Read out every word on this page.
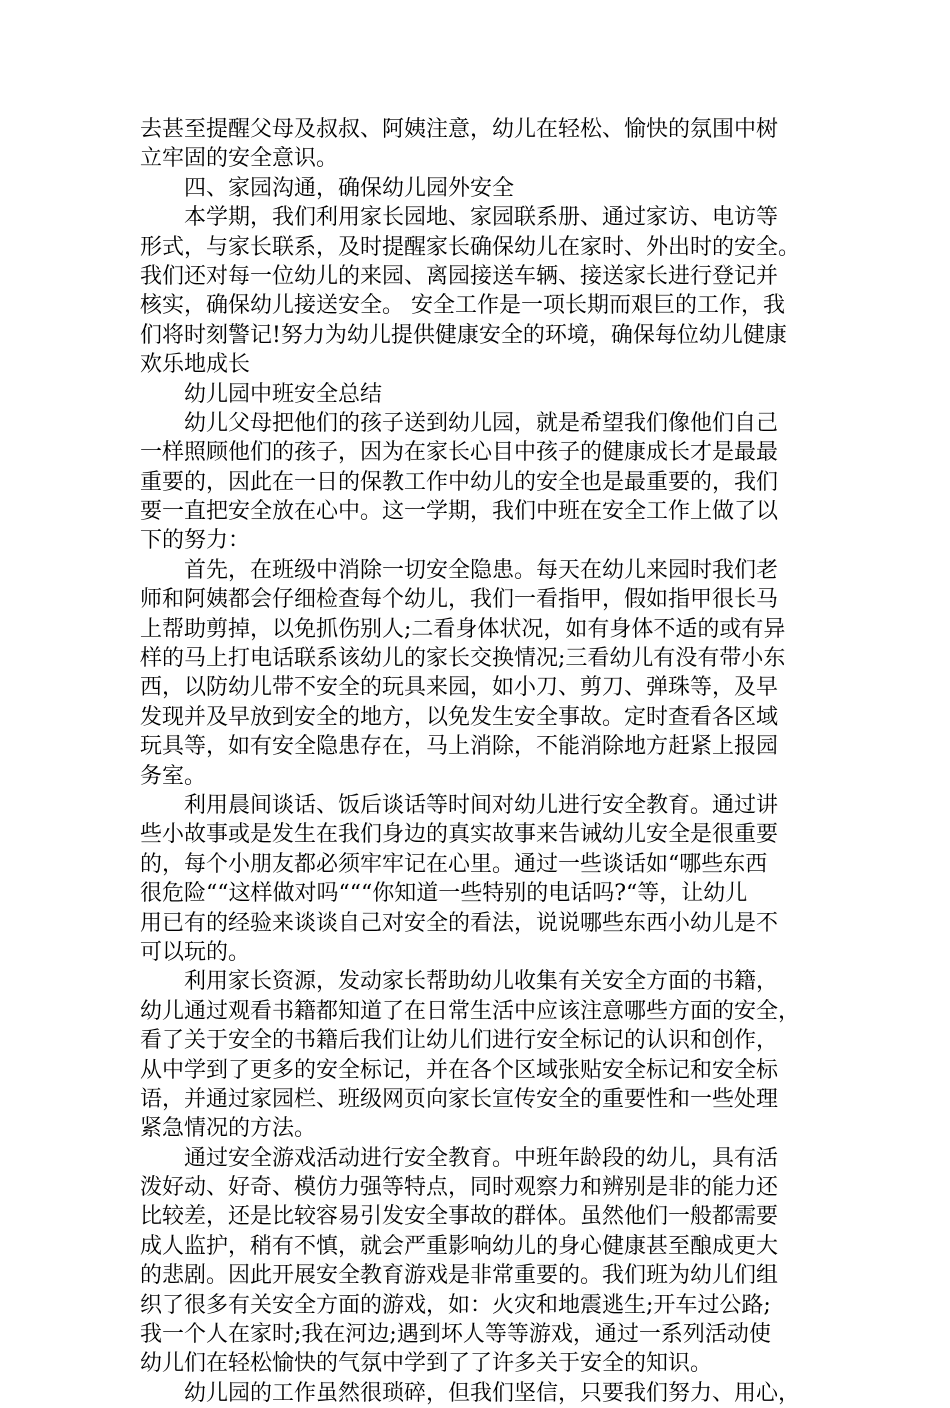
去甚至提醒父母及叔叔、阿姨注意，幼儿在轻松、愉快的氛围中树
立牢固的安全意识。
四、家园沟通，确保幼儿园外安全
本学期，我们利用家长园地、家园联系册、通过家访、电访等
形式，与家长联系，及时提醒家长确保幼儿在家时、外出时的安全。
我们还对每一位幼儿的来园、离园接送车辆、接送家长进行登记并
核实，确保幼儿接送安全。 安全工作是一项长期而艰巨的工作，我
们将时刻警记!努力为幼儿提供健康安全的环境，确保每位幼儿健康
欢乐地成长
幼儿园中班安全总结
幼儿父母把他们的孩子送到幼儿园，就是希望我们像他们自己
一样照顾他们的孩子，因为在家长心目中孩子的健康成长才是最最
重要的，因此在一日的保教工作中幼儿的安全也是最重要的，我们
要一直把安全放在心中。这一学期，我们中班在安全工作上做了以
下的努力：
首先，在班级中消除一切安全隐患。每天在幼儿来园时我们老
师和阿姨都会仔细检查每个幼儿，我们一看指甲，假如指甲很长马
上帮助剪掉，以免抓伤别人;二看身体状况，如有身体不适的或有异
样的马上打电话联系该幼儿的家长交换情况;三看幼儿有没有带小东
西，以防幼儿带不安全的玩具来园，如小刀、剪刀、弹珠等，及早
发现并及早放到安全的地方，以免发生安全事故。定时查看各区域
玩具等，如有安全隐患存在，马上消除，不能消除地方赶紧上报园
务室。
利用晨间谈话、饭后谈话等时间对幼儿进行安全教育。通过讲
些小故事或是发生在我们身边的真实故事来告诫幼儿安全是很重要
的，每个小朋友都必须牢牢记在心里。通过一些谈话如“哪些东西
很危险““这样做对吗“““你知道一些特别的电话吗?“等，让幼儿
用已有的经验来谈谈自己对安全的看法，说说哪些东西小幼儿是不
可以玩的。
利用家长资源，发动家长帮助幼儿收集有关安全方面的书籍，
幼儿通过观看书籍都知道了在日常生活中应该注意哪些方面的安全，
看了关于安全的书籍后我们让幼儿们进行安全标记的认识和创作，
从中学到了更多的安全标记，并在各个区域张贴安全标记和安全标
语，并通过家园栏、班级网页向家长宣传安全的重要性和一些处理
紧急情况的方法。
通过安全游戏活动进行安全教育。中班年龄段的幼儿，具有活
泼好动、好奇、模仿力强等特点，同时观察力和辨别是非的能力还
比较差，还是比较容易引发安全事故的群体。虽然他们一般都需要
成人监护，稍有不慎，就会严重影响幼儿的身心健康甚至酿成更大
的悲剧。因此开展安全教育游戏是非常重要的。我们班为幼儿们组
织了很多有关安全方面的游戏，如：火灾和地震逃生;开车过公路;
我一个人在家时;我在河边;遇到坏人等等游戏，通过一系列活动使
幼儿们在轻松愉快的气氛中学到了了许多关于安全的知识。
幼儿园的工作虽然很琐碎，但我们坚信，只要我们努力、用心，
